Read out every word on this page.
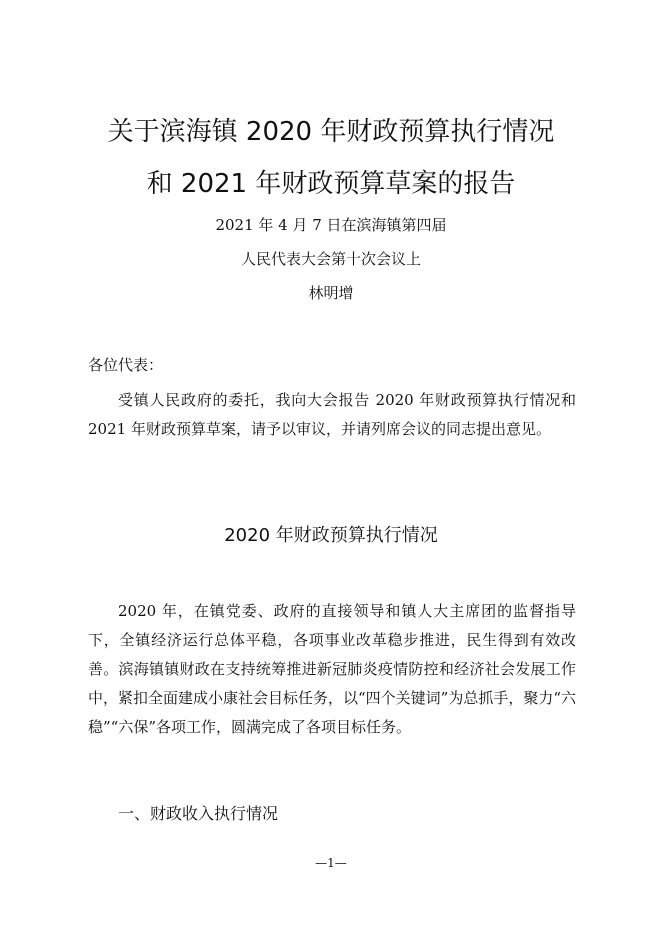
关于滨海镇 2020 年财政预算执行情况
和 2021 年财政预算草案的报告
2021 年 4 月 7 日在滨海镇第四届
人民代表大会第十次会议上
林明增
各位代表：
受镇人民政府的委托，我向大会报告 2020 年财政预算执行情况和 2021 年财政预算草案，请予以审议，并请列席会议的同志提出意见。
2020 年财政预算执行情况
2020 年，在镇党委、政府的直接领导和镇人大主席团的监督指导下，全镇经济运行总体平稳，各项事业改革稳步推进，民生得到有效改善。滨海镇镇财政在支持统筹推进新冠肺炎疫情防控和经济社会发展工作中，紧扣全面建成小康社会目标任务，以“四个关键词”为总抓手，聚力“六稳”“六保”各项工作，圆满完成了各项目标任务。
一、财政收入执行情况
—1—
